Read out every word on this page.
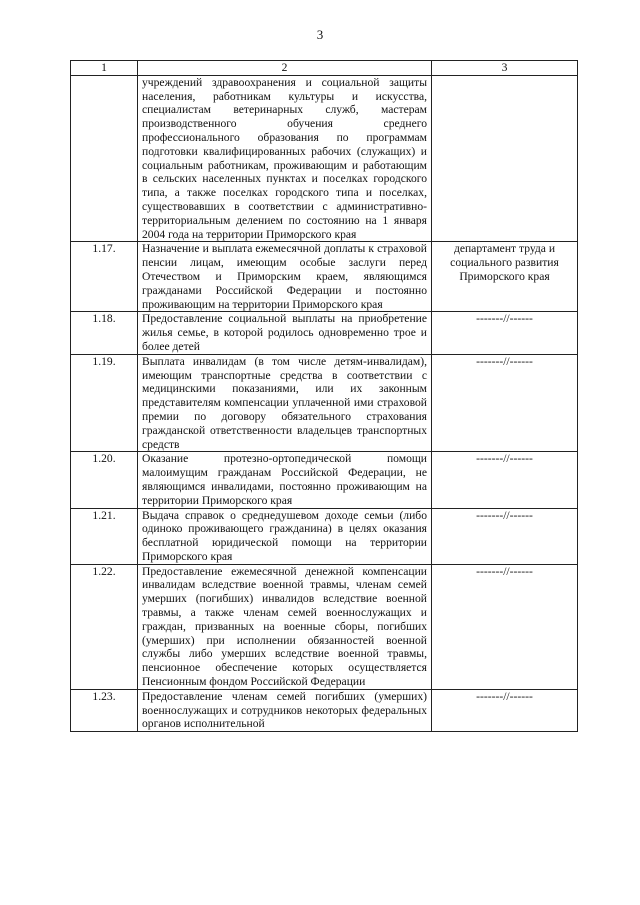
3
1	2	3
	учреждений здравоохранения и социальной защиты населения, работникам культуры и искусства, специалистам ветеринарных служб, мастерам производственного обучения среднего профессионального образования по программам подготовки квалифицированных рабочих (служащих) и социальным работникам, проживающим и работающим в сельских населенных пунктах и поселках городского типа, а также поселках городского типа и поселках, существовавших в соответствии с административно-территориальным делением по состоянию на 1 января 2004 года на территории Приморского края	
1.17.	Назначение и выплата ежемесячной доплаты к страховой пенсии лицам, имеющим особые заслуги перед Отечеством и Приморским краем, являющимся гражданами Российской Федерации и постоянно проживающим на территории Приморского края	департамент труда и социального развития Приморского края
1.18.	Предоставление социальной выплаты на приобретение жилья семье, в которой родилось одновременно трое и более детей	-------//------
1.19.	Выплата инвалидам (в том числе детям-инвалидам), имеющим транспортные средства в соответствии с медицинскими показаниями, или их законным представителям компенсации уплаченной ими страховой премии по договору обязательного страхования гражданской ответственности владельцев транспортных средств	-------//------
1.20.	Оказание протезно-ортопедической помощи малоимущим гражданам Российской Федерации, не являющимся инвалидами, постоянно проживающим на территории Приморского края	-------//------
1.21.	Выдача справок о среднедушевом доходе семьи (либо одиноко проживающего гражданина) в целях оказания бесплатной юридической помощи на территории Приморского края	-------//------
1.22.	Предоставление ежемесячной денежной компенсации инвалидам вследствие военной травмы, членам семей умерших (погибших) инвалидов вследствие военной травмы, а также членам семей военнослужащих и граждан, призванных на военные сборы, погибших (умерших) при исполнении обязанностей военной службы либо умерших вследствие военной травмы, пенсионное обеспечение которых осуществляется Пенсионным фондом Российской Федерации	-------//------
1.23.	Предоставление членам семей погибших (умерших) военнослужащих и сотрудников некоторых федеральных органов исполнительной	-------//------
